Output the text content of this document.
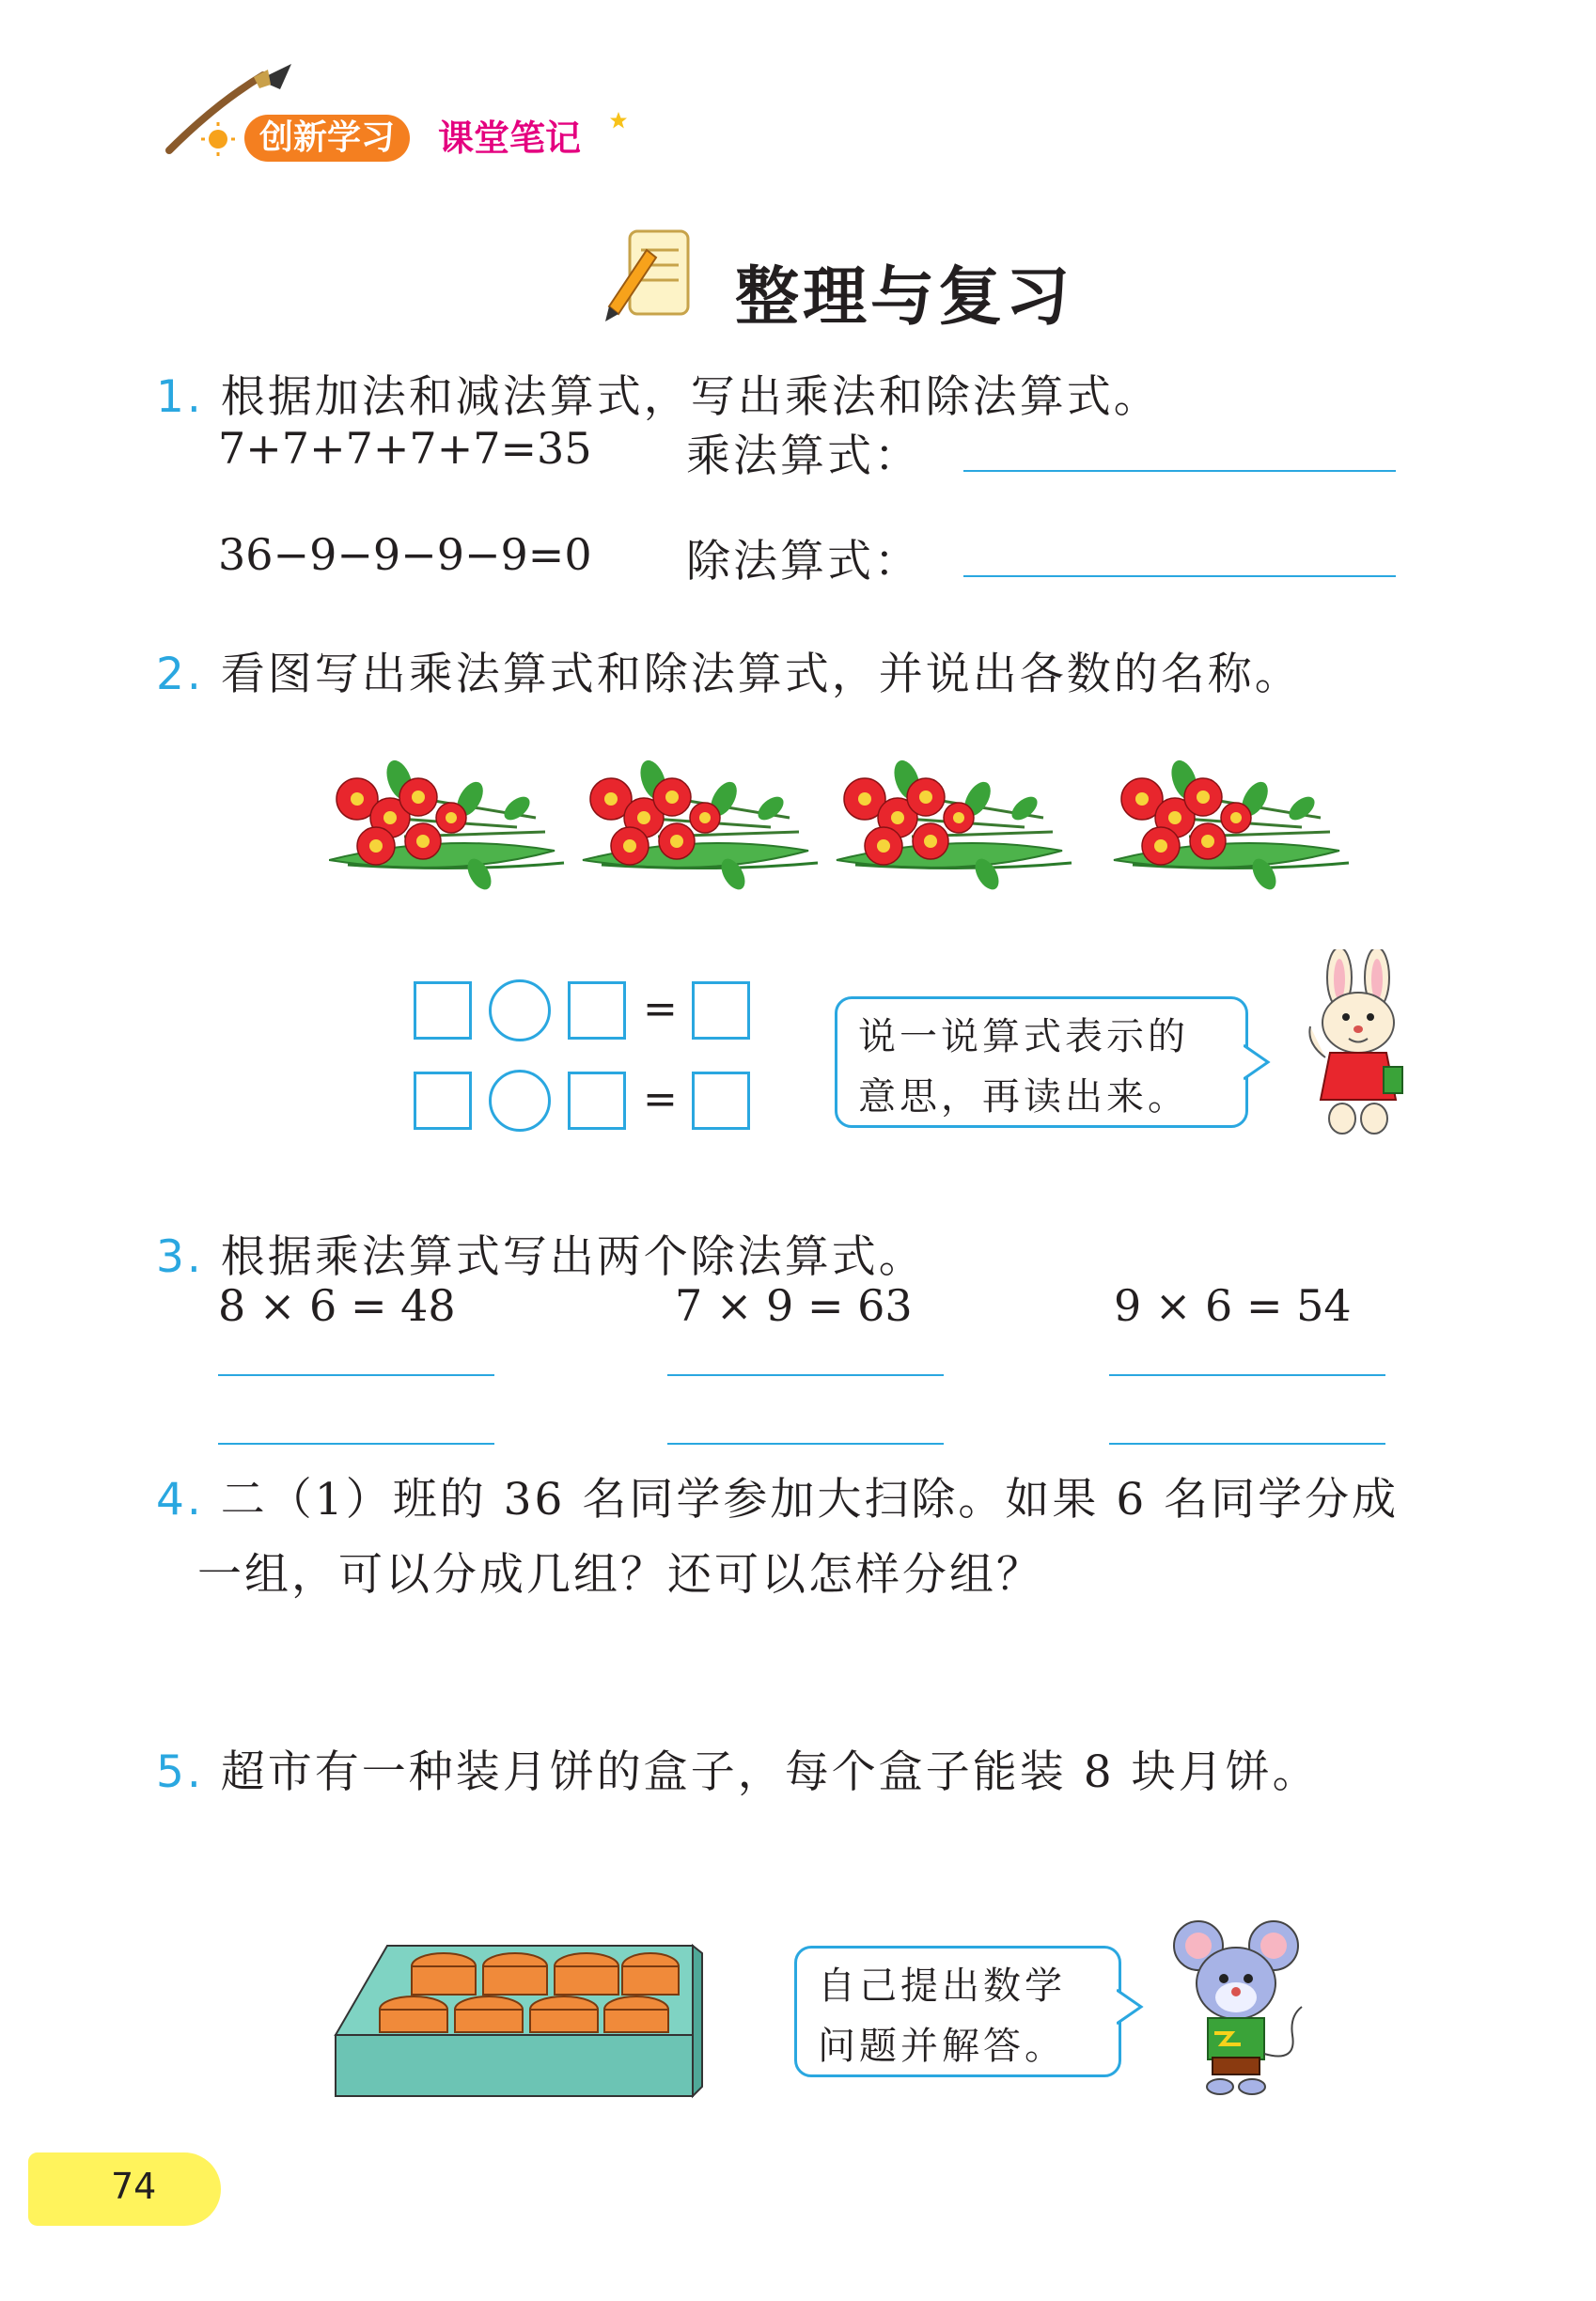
创新学习	课堂笔记
整理与复习
1. 根据加法和减法算式，写出乘法和除法算式。
7+7+7+7+7=35 乘法算式：
36−9−9−9−9=0 除法算式：
2. 看图写出乘法算式和除法算式，并说出各数的名称。
=
=
说一说算式表示的
意思，再读出来。
3. 根据乘法算式写出两个除法算式。
8 × 6 = 48	7 × 9 = 63	9 × 6 = 54
4. 二（1）班的 36 名同学参加大扫除。如果 6 名同学分成
一组，可以分成几组？还可以怎样分组？
5. 超市有一种装月饼的盒子，每个盒子能装 8 块月饼。
自己提出数学
问题并解答。
74
